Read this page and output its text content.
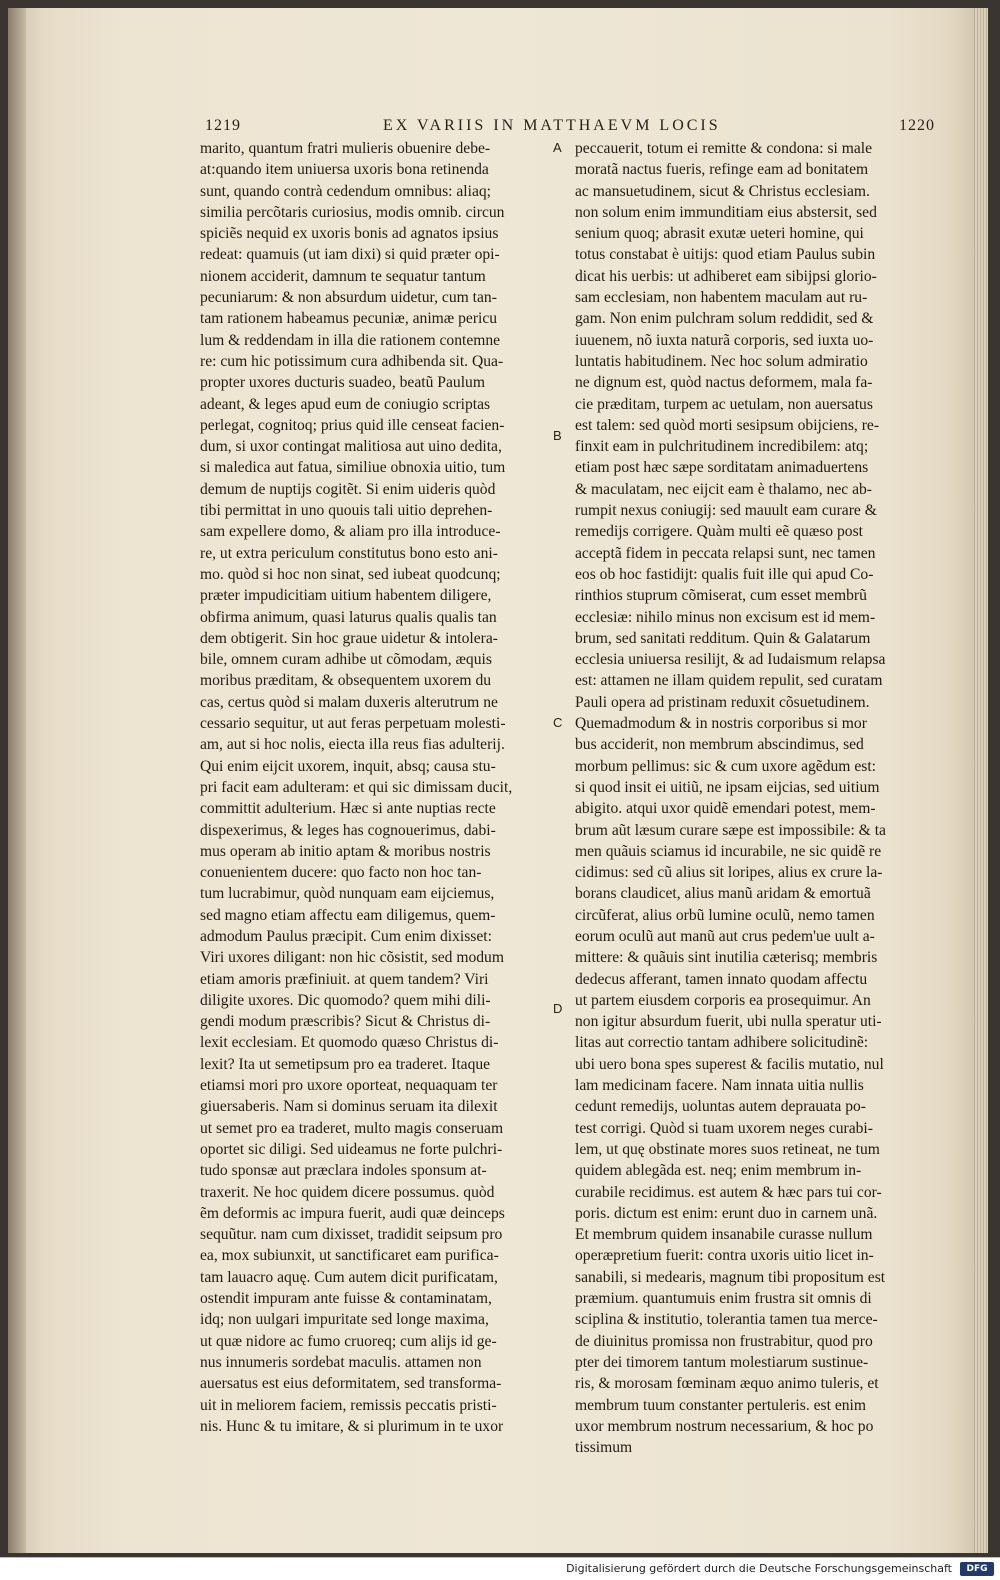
1219	EX VARIIS IN MATTHAEVM LOCIS	1220
marito, quantum fratri mulieris obuenire debe-
at:quando item uniuersa uxoris bona retinenda
sunt, quando contrà cedendum omnibus: aliaq;
similia percõtaris curiosius, modis omnib. circun
spiciẽs nequid ex uxoris bonis ad agnatos ipsius
redeat: quamuis (ut iam dixi) si quid præter opi-
nionem acciderit, damnum te sequatur tantum
pecuniarum: & non absurdum uidetur, cum tan-
tam rationem habeamus pecuniæ, animæ pericu
lum & reddendam in illa die rationem contemne
re: cum hic potissimum cura adhibenda sit. Qua-
propter uxores ducturis suadeo, beatũ Paulum
adeant, & leges apud eum de coniugio scriptas
perlegat, cognitoq; prius quid ille censeat facien-
dum, si uxor contingat malitiosa aut uino dedita,
si maledica aut fatua, similiue obnoxia uitio, tum
demum de nuptijs cogitẽt. Si enim uideris quòd
tibi permittat in uno quouis tali uitio deprehen-
sam expellere domo, & aliam pro illa introduce-
re, ut extra periculum constitutus bono esto ani-
mo. quòd si hoc non sinat, sed iubeat quodcunq;
præter impudicitiam uitium habentem diligere,
obfirma animum, quasi laturus qualis qualis tan
dem obtigerit. Sin hoc graue uidetur & intolera-
bile, omnem curam adhibe ut cõmodam, æquis
moribus præditam, & obsequentem uxorem du
cas, certus quòd si malam duxeris alterutrum ne
cessario sequitur, ut aut feras perpetuam molesti-
am, aut si hoc nolis, eiecta illa reus fias adulterij.
Qui enim eijcit uxorem, inquit, absq; causa stu-
pri facit eam adulteram: et qui sic dimissam ducit,
committit adulterium. Hæc si ante nuptias recte
dispexerimus, & leges has cognouerimus, dabi-
mus operam ab initio aptam & moribus nostris
conuenientem ducere: quo facto non hoc tan-
tum lucrabimur, quòd nunquam eam eijciemus,
sed magno etiam affectu eam diligemus, quem-
admodum Paulus præcipit. Cum enim dixisset:
Viri uxores diligant: non hic cõsistit, sed modum
etiam amoris præfiniuit. at quem tandem? Viri
diligite uxores. Dic quomodo? quem mihi dili-
gendi modum præscribis? Sicut & Christus di-
lexit ecclesiam. Et quomodo quæso Christus di-
lexit? Ita ut semetipsum pro ea traderet. Itaque
etiamsi mori pro uxore oporteat, nequaquam ter
giuersaberis. Nam si dominus seruam ita dilexit
ut semet pro ea traderet, multo magis conseruam
oportet sic diligi. Sed uideamus ne forte pulchri-
tudo sponsæ aut præclara indoles sponsum at-
traxerit. Ne hoc quidem dicere possumus. quòd
ẽm deformis ac impura fuerit, audi quæ deinceps
sequũtur. nam cum dixisset, tradidit seipsum pro
ea, mox subiunxit, ut sanctificaret eam purifica-
tam lauacro aquę. Cum autem dicit purificatam,
ostendit impuram ante fuisse & contaminatam,
idq; non uulgari impuritate sed longe maxima,
ut quæ nidore ac fumo cruoreq; cum alijs id ge-
nus innumeris sordebat maculis. attamen non
auersatus est eius deformitatem, sed transforma-
uit in meliorem faciem, remissis peccatis pristi-
nis. Hunc & tu imitare, & si plurimum in te uxor
peccauerit, totum ei remitte & condona: si male
moratã nactus fueris, refinge eam ad bonitatem
ac mansuetudinem, sicut & Christus ecclesiam.
non solum enim immunditiam eius abstersit, sed
senium quoq; abrasit exutæ ueteri homine, qui
totus constabat è uitijs: quod etiam Paulus subin
dicat his uerbis: ut adhiberet eam sibijpsi glorio-
sam ecclesiam, non habentem maculam aut ru-
gam. Non enim pulchram solum reddidit, sed &
iuuenem, nõ iuxta naturã corporis, sed iuxta uo-
luntatis habitudinem. Nec hoc solum admiratio
ne dignum est, quòd nactus deformem, mala fa-
cie præditam, turpem ac uetulam, non auersatus
est talem: sed quòd morti sesipsum obijciens, re-
finxit eam in pulchritudinem incredibilem: atq;
etiam post hæc sæpe sorditatam animaduertens
& maculatam, nec eijcit eam è thalamo, nec ab-
rumpit nexus coniugij: sed mauult eam curare &
remedijs corrigere. Quàm multi eẽ quæso post
acceptã fidem in peccata relapsi sunt, nec tamen
eos ob hoc fastidijt: qualis fuit ille qui apud Co-
rinthios stuprum cõmiserat, cum esset membrũ
ecclesiæ: nihilo minus non excisum est id mem-
brum, sed sanitati redditum. Quin & Galatarum
ecclesia uniuersa resilijt, & ad Iudaismum relapsa
est: attamen ne illam quidem repulit, sed curatam
Pauli opera ad pristinam reduxit cõsuetudinem.
Quemadmodum & in nostris corporibus si mor
bus acciderit, non membrum abscindimus, sed
morbum pellimus: sic & cum uxore agẽdum est:
si quod insit ei uitiũ, ne ipsam eijcias, sed uitium
abigito. atqui uxor quidẽ emendari potest, mem-
brum aũt læsum curare sæpe est impossibile: & ta
men quãuis sciamus id incurabile, ne sic quidẽ re
cidimus: sed cũ alius sit loripes, alius ex crure la-
borans claudicet, alius manũ aridam & emortuã
circũferat, alius orbũ lumine oculũ, nemo tamen
eorum oculũ aut manũ aut crus pedem'ue uult a-
mittere: & quãuis sint inutilia cæterisq; membris
dedecus afferant, tamen innato quodam affectu
ut partem eiusdem corporis ea prosequimur. An
non igitur absurdum fuerit, ubi nulla speratur uti-
litas aut correctio tantam adhibere solicitudinẽ:
ubi uero bona spes superest & facilis mutatio, nul
lam medicinam facere. Nam innata uitia nullis
cedunt remedijs, uoluntas autem deprauata po-
test corrigi. Quòd si tuam uxorem neges curabi-
lem, ut quę obstinate mores suos retineat, ne tum
quidem ablegãda est. neq; enim membrum in-
curabile recidimus. est autem & hæc pars tui cor-
poris. dictum est enim: erunt duo in carnem unã.
Et membrum quidem insanabile curasse nullum
operæpretium fuerit: contra uxoris uitio licet in-
sanabili, si medearis, magnum tibi propositum est
præmium. quantumuis enim frustra sit omnis di
sciplina & institutio, tolerantia tamen tua merce-
de diuinitus promissa non frustrabitur, quod pro
pter dei timorem tantum molestiarum sustinue-
ris, & morosam fœminam æquo animo tuleris, et
membrum tuum constanter pertuleris. est enim
uxor membrum nostrum necessarium, & hoc po
tissimum
A
B
C
D
Digitalisierung gefördert durch die Deutsche Forschungsgemeinschaft	DFG
